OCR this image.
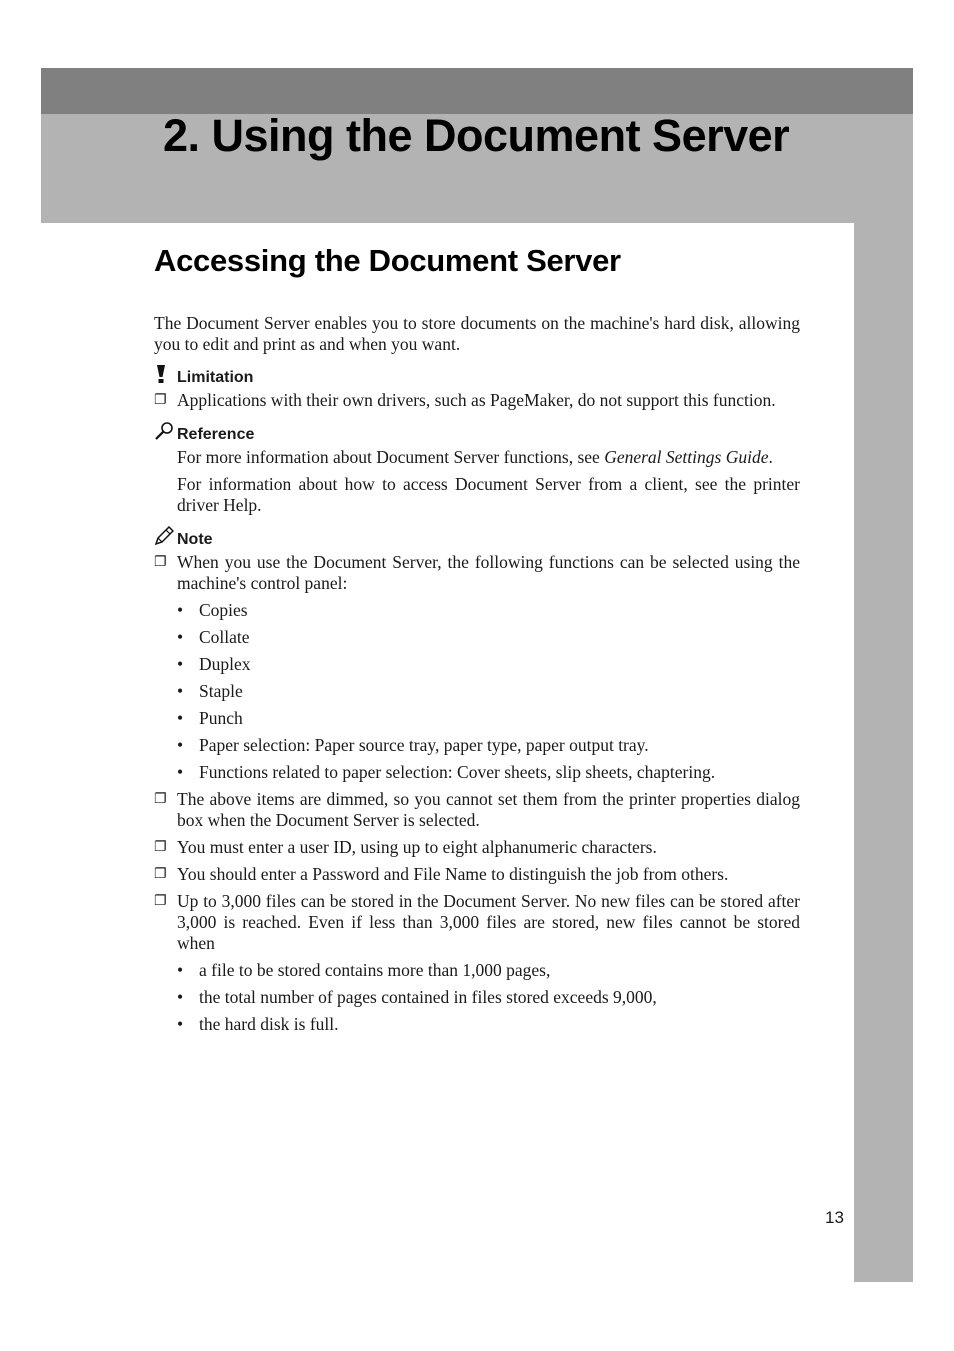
2. Using the Document Server
Accessing the Document Server

The Document Server enables you to store documents on the machine's hard disk, allowing you to edit and print as and when you want.

Limitation
❐ Applications with their own drivers, such as PageMaker, do not support this function.

Reference

For more information about Document Server functions, see General Settings Guide.

For information about how to access Document Server from a client, see the printer driver Help.

Note
❐ When you use the Document Server, the following functions can be selected using the machine's control panel:

• Copies
• Collate
• Duplex
• Staple
• Punch
• Paper selection: Paper source tray, paper type, paper output tray.
• Functions related to paper selection: Cover sheets, slip sheets, chaptering.
❐ The above items are dimmed, so you cannot set them from the printer properties dialog box when the Document Server is selected.

❐ You must enter a user ID, using up to eight alphanumeric characters.

❐ You should enter a Password and File Name to distinguish the job from others.

❐ Up to 3,000 files can be stored in the Document Server. No new files can be stored after 3,000 is reached. Even if less than 3,000 files are stored, new files cannot be stored when

• a file to be stored contains more than 1,000 pages,
• the total number of pages contained in files stored exceeds 9,000,
• the hard disk is full.
13
